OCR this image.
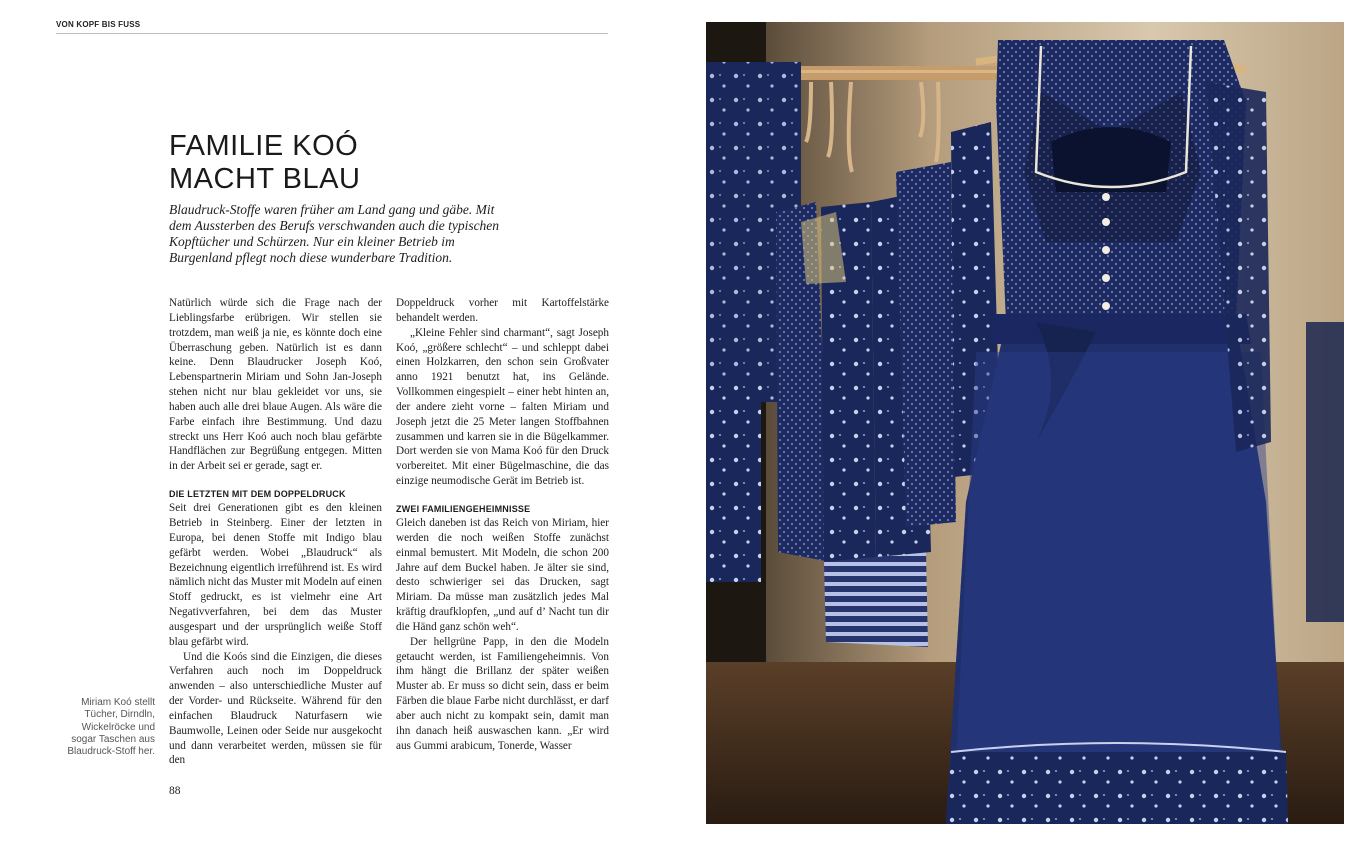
VON KOPF BIS FUSS
FAMILIE KOÓ
MACHT BLAU

Blaudruck-Stoffe waren früher am Land gang und gäbe. Mit dem Aussterben des Berufs verschwanden auch die typischen Kopftücher und Schürzen. Nur ein kleiner Betrieb im Burgenland pflegt noch diese wunderbare Tradition.

Natürlich würde sich die Frage nach der Lieblingsfarbe erübrigen. Wir stellen sie trotzdem, man weiß ja nie, es könnte doch eine Überraschung geben. Natürlich ist es dann keine. Denn Blaudrucker Joseph Koó, Lebenspartnerin Miriam und Sohn Jan-Joseph stehen nicht nur blau gekleidet vor uns, sie haben auch alle drei blaue Augen. Als wäre die Farbe einfach ihre Bestimmung. Und dazu streckt uns Herr Koó auch noch blau gefärbte Handflächen zur Begrüßung entgegen. Mitten in der Arbeit sei er gerade, sagt er.

DIE LETZTEN MIT DEM DOPPELDRUCK

Seit drei Generationen gibt es den kleinen Betrieb in Steinberg. Einer der letzten in Europa, bei denen Stoffe mit Indigo blau gefärbt werden. Wobei „Blaudruck“ als Bezeichnung eigentlich irreführend ist. Es wird nämlich nicht das Muster mit Modeln auf einen Stoff gedruckt, es ist vielmehr eine Art Negativverfahren, bei dem das Muster ausgespart und der ursprünglich weiße Stoff blau gefärbt wird.

Und die Koós sind die Einzigen, die dieses Verfahren auch noch im Doppeldruck anwenden – also unterschiedliche Muster auf der Vorder- und Rückseite. Während für den einfachen Blaudruck Naturfasern wie Baumwolle, Leinen oder Seide nur ausgekocht und dann verarbeitet werden, müssen sie für den

Doppeldruck vorher mit Kartoffelstärke behandelt werden.

„Kleine Fehler sind charmant“, sagt Joseph Koó, „größere schlecht“ – und schleppt dabei einen Holzkarren, den schon sein Großvater anno 1921 benutzt hat, ins Gelände. Vollkommen eingespielt – einer hebt hinten an, der andere zieht vorne – falten Miriam und Joseph jetzt die 25 Meter langen Stoffbahnen zusammen und karren sie in die Bügelkammer. Dort werden sie von Mama Koó für den Druck vorbereitet. Mit einer Bügelmaschine, die das einzige neumodische Gerät im Betrieb ist.

ZWEI FAMILIENGEHEIMNISSE

Gleich daneben ist das Reich von Miriam, hier werden die noch weißen Stoffe zunächst einmal bemustert. Mit Modeln, die schon 200 Jahre auf dem Buckel haben. Je älter sie sind, desto schwieriger sei das Drucken, sagt Miriam. Da müsse man zusätzlich jedes Mal kräftig draufklopfen, „und auf d’ Nacht tun dir die Händ ganz schön weh“.

Der hellgrüne Papp, in den die Modeln getaucht werden, ist Familiengeheimnis. Von ihm hängt die Brillanz der später weißen Muster ab. Er muss so dicht sein, dass er beim Färben die blaue Farbe nicht durchlässt, er darf aber auch nicht zu kompakt sein, damit man ihn danach heiß auswaschen kann. „Er wird aus Gummi arabicum, Tonerde, Wasser

Miriam Koó stellt
Tücher, Dirndln,
Wickelröcke und
sogar Taschen aus
Blaudruck-Stoff her.
88
